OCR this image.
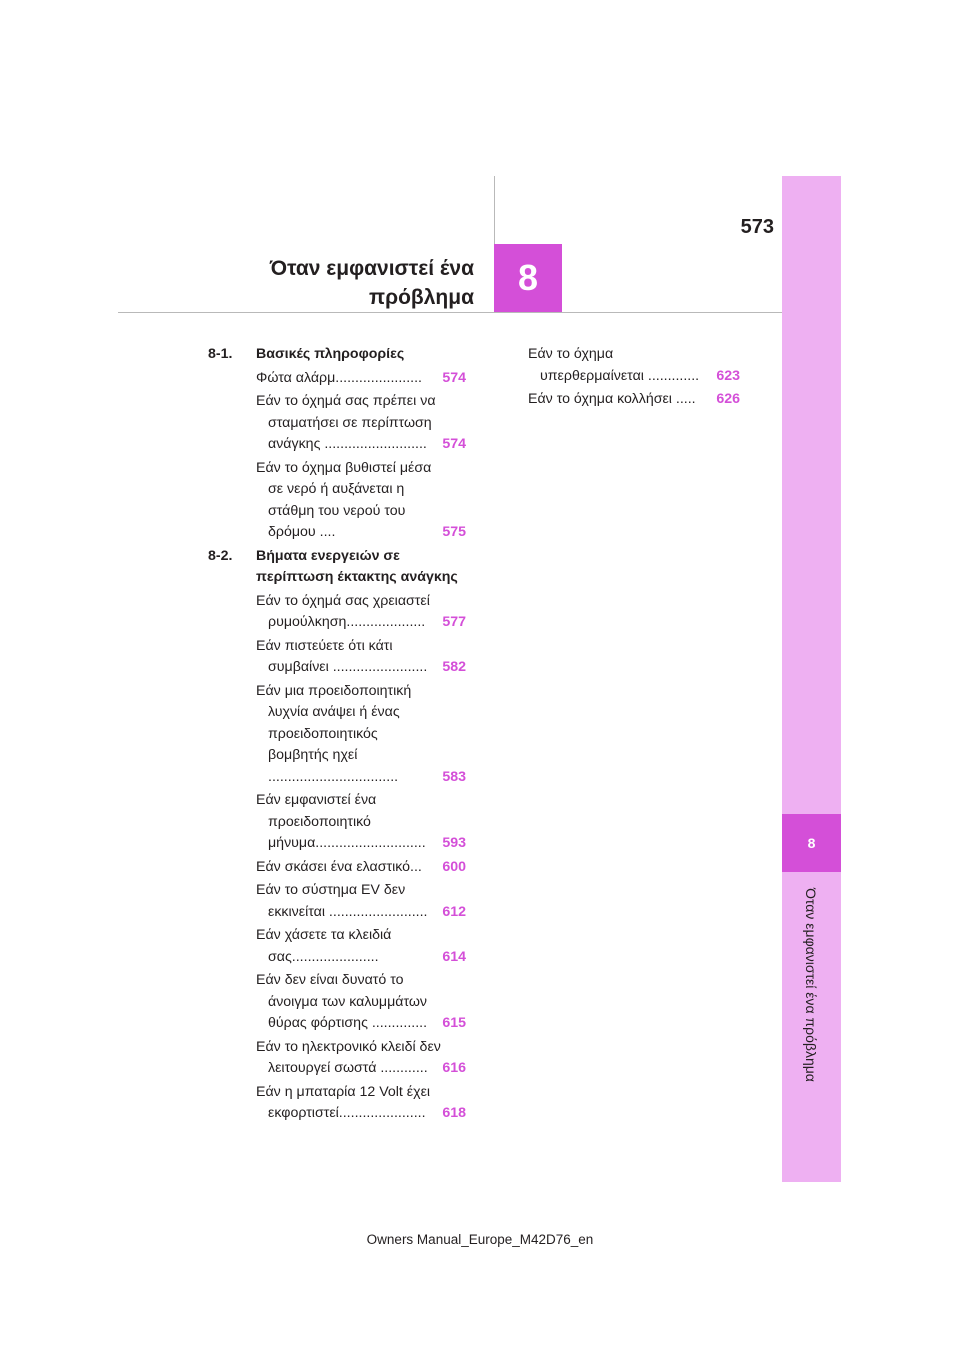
573
Όταν εμφανιστεί ένα
πρόβλημα	8
8
Όταν εμφανιστεί ένα πρόβλημα
8-1.	Βασικές πληροφορίες
Φώτα αλάρμ......................	574
Εάν το όχημά σας πρέπει να σταματήσει σε περίπτωση ανάγκης ..........................	574
Εάν το όχημα βυθιστεί μέσα σε νερό ή αυξάνεται η στάθμη του νερού του δρόμου ....	575
8-2.	Βήματα ενεργειών σε περίπτωση έκτακτης ανάγκης
Εάν το όχημά σας χρειαστεί ρυμούλκηση....................	577
Εάν πιστεύετε ότι κάτι συμβαίνει ........................	582
Εάν μια προειδοποιητική λυχνία ανάψει ή ένας προειδοποιητικός βομβητής ηχεί .................................	583
Εάν εμφανιστεί ένα προειδοποιητικό μήνυμα............................	593
Εάν σκάσει ένα ελαστικό...	600
Εάν το σύστημα EV δεν εκκινείται .........................	612
Εάν χάσετε τα κλειδιά σας......................	614
Εάν δεν είναι δυνατό το άνοιγμα των καλυμμάτων θύρας φόρτισης ..............	615
Εάν το ηλεκτρονικό κλειδί δεν λειτουργεί σωστά ............	616
Εάν η μπαταρία 12 Volt έχει εκφορτιστεί......................	618
Εάν το όχημα υπερθερμαίνεται .............	623
Εάν το όχημα κολλήσει .....	626
Owners Manual_Europe_M42D76_en
